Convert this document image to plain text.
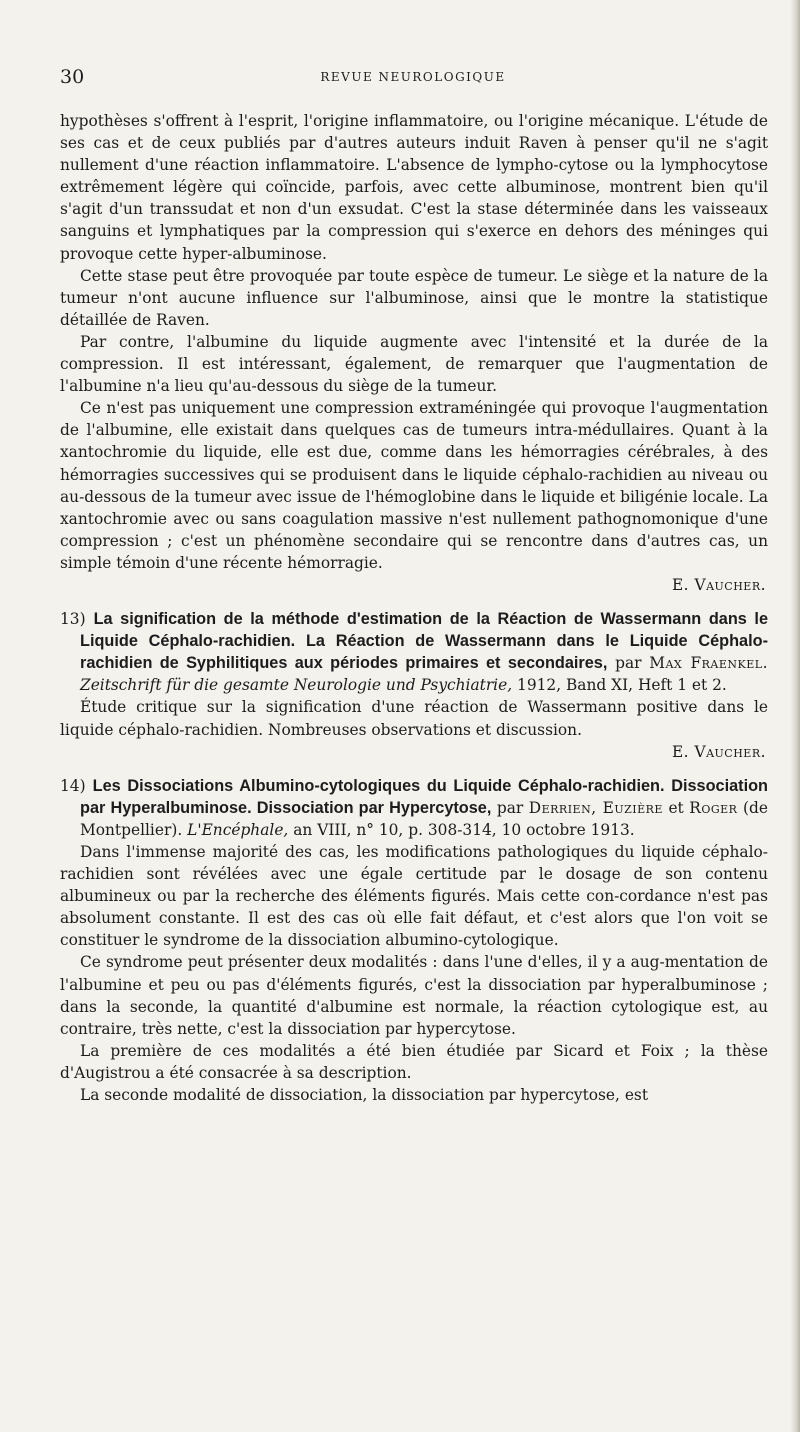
30	REVUE NEUROLOGIQUE

hypothèses s'offrent à l'esprit, l'origine inflammatoire, ou l'origine mécanique. L'étude de ses cas et de ceux publiés par d'autres auteurs induit Raven à penser qu'il ne s'agit nullement d'une réaction inflammatoire. L'absence de lympho-cytose ou la lymphocytose extrêmement légère qui coïncide, parfois, avec cette albuminose, montrent bien qu'il s'agit d'un transsudat et non d'un exsudat. C'est la stase déterminée dans les vaisseaux sanguins et lymphatiques par la compression qui s'exerce en dehors des méninges qui provoque cette hyper-albuminose.

Cette stase peut être provoquée par toute espèce de tumeur. Le siège et la nature de la tumeur n'ont aucune influence sur l'albuminose, ainsi que le montre la statistique détaillée de Raven.

Par contre, l'albumine du liquide augmente avec l'intensité et la durée de la compression. Il est intéressant, également, de remarquer que l'augmentation de l'albumine n'a lieu qu'au-dessous du siège de la tumeur.

Ce n'est pas uniquement une compression extraméningée qui provoque l'augmentation de l'albumine, elle existait dans quelques cas de tumeurs intra-médullaires. Quant à la xantochromie du liquide, elle est due, comme dans les hémorragies cérébrales, à des hémorragies successives qui se produisent dans le liquide céphalo-rachidien au niveau ou au-dessous de la tumeur avec issue de l'hémoglobine dans le liquide et biligénie locale. La xantochromie avec ou sans coagulation massive n'est nullement pathognomonique d'une compression ; c'est un phénomène secondaire qui se rencontre dans d'autres cas, un simple témoin d'une récente hémorragie.

E. Vaucher.

13) La signification de la méthode d'estimation de la Réaction de Wassermann dans le Liquide Céphalo-rachidien. La Réaction de Wassermann dans le Liquide Céphalo-rachidien de Syphilitiques aux périodes primaires et secondaires, par Max Fraenkel. Zeitschrift für die gesamte Neurologie und Psychiatrie, 1912, Band XI, Heft 1 et 2.

Étude critique sur la signification d'une réaction de Wassermann positive dans le liquide céphalo-rachidien. Nombreuses observations et discussion.

E. Vaucher.

14) Les Dissociations Albumino-cytologiques du Liquide Céphalo-rachidien. Dissociation par Hyperalbuminose. Dissociation par Hypercytose, par Derrien, Euzière et Roger (de Montpellier). L'Encéphale, an VIII, n° 10, p. 308-314, 10 octobre 1913.

Dans l'immense majorité des cas, les modifications pathologiques du liquide céphalo-rachidien sont révélées avec une égale certitude par le dosage de son contenu albumineux ou par la recherche des éléments figurés. Mais cette con-cordance n'est pas absolument constante. Il est des cas où elle fait défaut, et c'est alors que l'on voit se constituer le syndrome de la dissociation albumino-cytologique.

Ce syndrome peut présenter deux modalités : dans l'une d'elles, il y a aug-mentation de l'albumine et peu ou pas d'éléments figurés, c'est la dissociation par hyperalbuminose ; dans la seconde, la quantité d'albumine est normale, la réaction cytologique est, au contraire, très nette, c'est la dissociation par hypercytose.

La première de ces modalités a été bien étudiée par Sicard et Foix ; la thèse d'Augistrou a été consacrée à sa description.

La seconde modalité de dissociation, la dissociation par hypercytose, est
